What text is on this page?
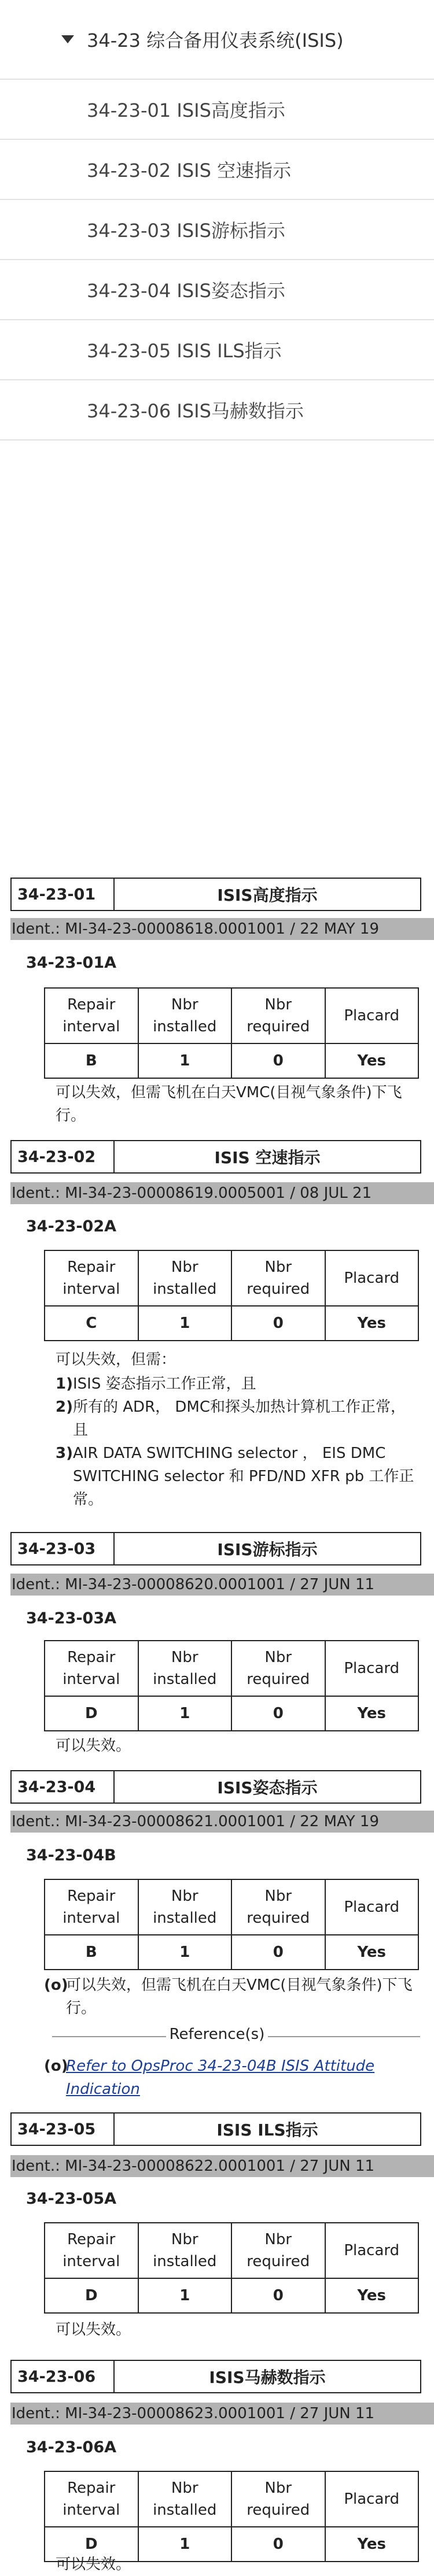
34-23 综合备用仪表系统(ISIS)
34-23-01 ISIS高度指示
34-23-02 ISIS 空速指示
34-23-03 ISIS游标指示
34-23-04 ISIS姿态指示
34-23-05 ISIS ILS指示
34-23-06 ISIS马赫数指示
34-23-01	ISIS高度指示
Ident.: MI-34-23-00008618.0001001 / 22 MAY 19
34-23-01A
Repair interval	Nbr installed	Nbr required	Placard
B	1	0	Yes
可以失效，但需飞机在白天VMC(目视气象条件)下飞行。
34-23-02	ISIS 空速指示
Ident.: MI-34-23-00008619.0005001 / 08 JUL 21
34-23-02A
Repair interval	Nbr installed	Nbr required	Placard
C	1	0	Yes
可以失效，但需：
1) ISIS 姿态指示工作正常，且
2) 所有的 ADR， DMC和探头加热计算机工作正常，且
3) AIR DATA SWITCHING selector ， EIS DMC SWITCHING selector 和 PFD/ND XFR pb 工作正常。
34-23-03	ISIS游标指示
Ident.: MI-34-23-00008620.0001001 / 27 JUN 11
34-23-03A
Repair interval	Nbr installed	Nbr required	Placard
D	1	0	Yes
可以失效。
34-23-04	ISIS姿态指示
Ident.: MI-34-23-00008621.0001001 / 22 MAY 19
34-23-04B
Repair interval	Nbr installed	Nbr required	Placard
B	1	0	Yes
(o)
可以失效，但需飞机在白天VMC(目视气象条件)下飞行。
Reference(s)
(o)
Refer to OpsProc 34-23-04B ISIS Attitude Indication
34-23-05	ISIS ILS指示
Ident.: MI-34-23-00008622.0001001 / 27 JUN 11
34-23-05A
Repair interval	Nbr installed	Nbr required	Placard
D	1	0	Yes
可以失效。
34-23-06	ISIS马赫数指示
Ident.: MI-34-23-00008623.0001001 / 27 JUN 11
34-23-06A
Repair interval	Nbr installed	Nbr required	Placard
D	1	0	Yes
可以失效。
